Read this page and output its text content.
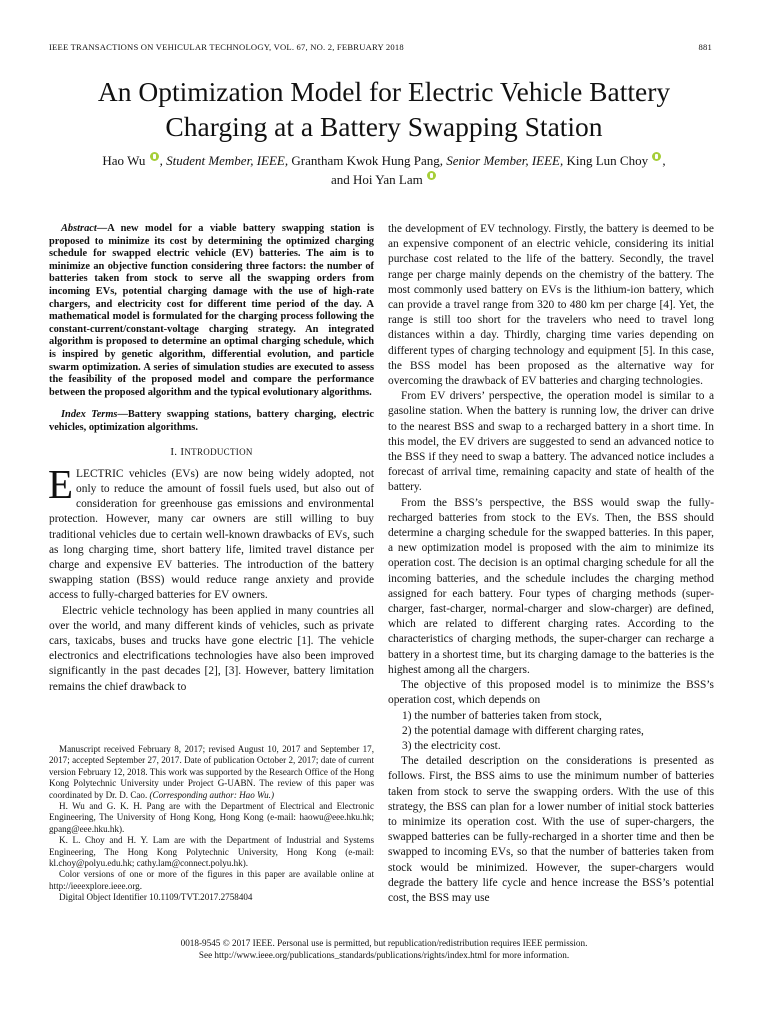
IEEE TRANSACTIONS ON VEHICULAR TECHNOLOGY, VOL. 67, NO. 2, FEBRUARY 2018	881
An Optimization Model for Electric Vehicle Battery
Charging at a Battery Swapping Station
Hao Wu , Student Member, IEEE, Grantham Kwok Hung Pang, Senior Member, IEEE, King Lun Choy ,
and Hoi Yan Lam

Abstract—A new model for a viable battery swapping station is proposed to minimize its cost by determining the optimized charging schedule for swapped electric vehicle (EV) batteries. The aim is to minimize an objective function considering three factors: the number of batteries taken from stock to serve all the swapping orders from incoming EVs, potential charging damage with the use of high-rate chargers, and electricity cost for different time period of the day. A mathematical model is formulated for the charging process following the constant-current/constant-voltage charging strategy. An integrated algorithm is proposed to determine an optimal charging schedule, which is inspired by genetic algorithm, differential evolution, and particle swarm optimization. A series of simulation studies are executed to assess the feasibility of the proposed model and compare the performance between the proposed algorithm and the typical evolutionary algorithms.

Index Terms—Battery swapping stations, battery charging, electric vehicles, optimization algorithms.

I. INTRODUCTION

ELECTRIC vehicles (EVs) are now being widely adopted, not only to reduce the amount of fossil fuels used, but also out of consideration for greenhouse gas emissions and environmental protection. However, many car owners are still willing to buy traditional vehicles due to certain well-known drawbacks of EVs, such as long charging time, short battery life, limited travel distance per charge and expensive EV batteries. The introduction of the battery swapping station (BSS) would reduce range anxiety and provide access to fully-charged batteries for EV owners.

Electric vehicle technology has been applied in many countries all over the world, and many different kinds of vehicles, such as private cars, taxicabs, buses and trucks have gone electric [1]. The vehicle electronics and electrifications technologies have also been improved significantly in the past decades [2], [3]. However, battery limitation remains the chief drawback to

Manuscript received February 8, 2017; revised August 10, 2017 and September 17, 2017; accepted September 27, 2017. Date of publication October 2, 2017; date of current version February 12, 2018. This work was supported by the Research Office of the Hong Kong Polytechnic University under Project G-UABN. The review of this paper was coordinated by Dr. D. Cao. (Corresponding author: Hao Wu.)

H. Wu and G. K. H. Pang are with the Department of Electrical and Electronic Engineering, The University of Hong Kong, Hong Kong (e-mail: haowu@eee.hku.hk; gpang@eee.hku.hk).

K. L. Choy and H. Y. Lam are with the Department of Industrial and Systems Engineering, The Hong Kong Polytechnic University, Hong Kong (e-mail: kl.choy@polyu.edu.hk; cathy.lam@connect.polyu.hk).

Color versions of one or more of the figures in this paper are available online at http://ieeexplore.ieee.org.

Digital Object Identifier 10.1109/TVT.2017.2758404

the development of EV technology. Firstly, the battery is deemed to be an expensive component of an electric vehicle, considering its initial purchase cost related to the life of the battery. Secondly, the travel range per charge mainly depends on the chemistry of the battery. The most commonly used battery on EVs is the lithium-ion battery, which can provide a travel range from 320 to 480 km per charge [4]. Yet, the range is still too short for the travelers who need to travel long distances within a day. Thirdly, charging time varies depending on different types of charging technology and equipment [5]. In this case, the BSS model has been proposed as the alternative way for overcoming the drawback of EV batteries and charging technologies.

From EV drivers’ perspective, the operation model is similar to a gasoline station. When the battery is running low, the driver can drive to the nearest BSS and swap to a recharged battery in a short time. In this model, the EV drivers are suggested to send an advanced notice to the BSS if they need to swap a battery. The advanced notice includes a forecast of arrival time, remaining capacity and state of health of the battery.

From the BSS’s perspective, the BSS would swap the fully-recharged batteries from stock to the EVs. Then, the BSS should determine a charging schedule for the swapped batteries. In this paper, a new optimization model is proposed with the aim to minimize its operation cost. The decision is an optimal charging schedule for all the incoming batteries, and the schedule includes the charging method assigned for each battery. Four types of charging methods (super-charger, fast-charger, normal-charger and slow-charger) are defined, which are related to different charging rates. According to the characteristics of charging methods, the super-charger can recharge a battery in a shortest time, but its charging damage to the batteries is the highest among all the chargers.

The objective of this proposed model is to minimize the BSS’s operation cost, which depends on

1) the number of batteries taken from stock,
2) the potential damage with different charging rates,
3) the electricity cost.

The detailed description on the considerations is presented as follows. First, the BSS aims to use the minimum number of batteries taken from stock to serve the swapping orders. With the use of this strategy, the BSS can plan for a lower number of initial stock batteries to minimize its operation cost. With the use of super-chargers, the swapped batteries can be fully-recharged in a shorter time and then be swapped to incoming EVs, so that the number of batteries taken from stock would be minimized. However, the super-chargers would degrade the battery life cycle and hence increase the BSS’s potential cost, the BSS may use

0018-9545 © 2017 IEEE. Personal use is permitted, but republication/redistribution requires IEEE permission.
See http://www.ieee.org/publications_standards/publications/rights/index.html for more information.
